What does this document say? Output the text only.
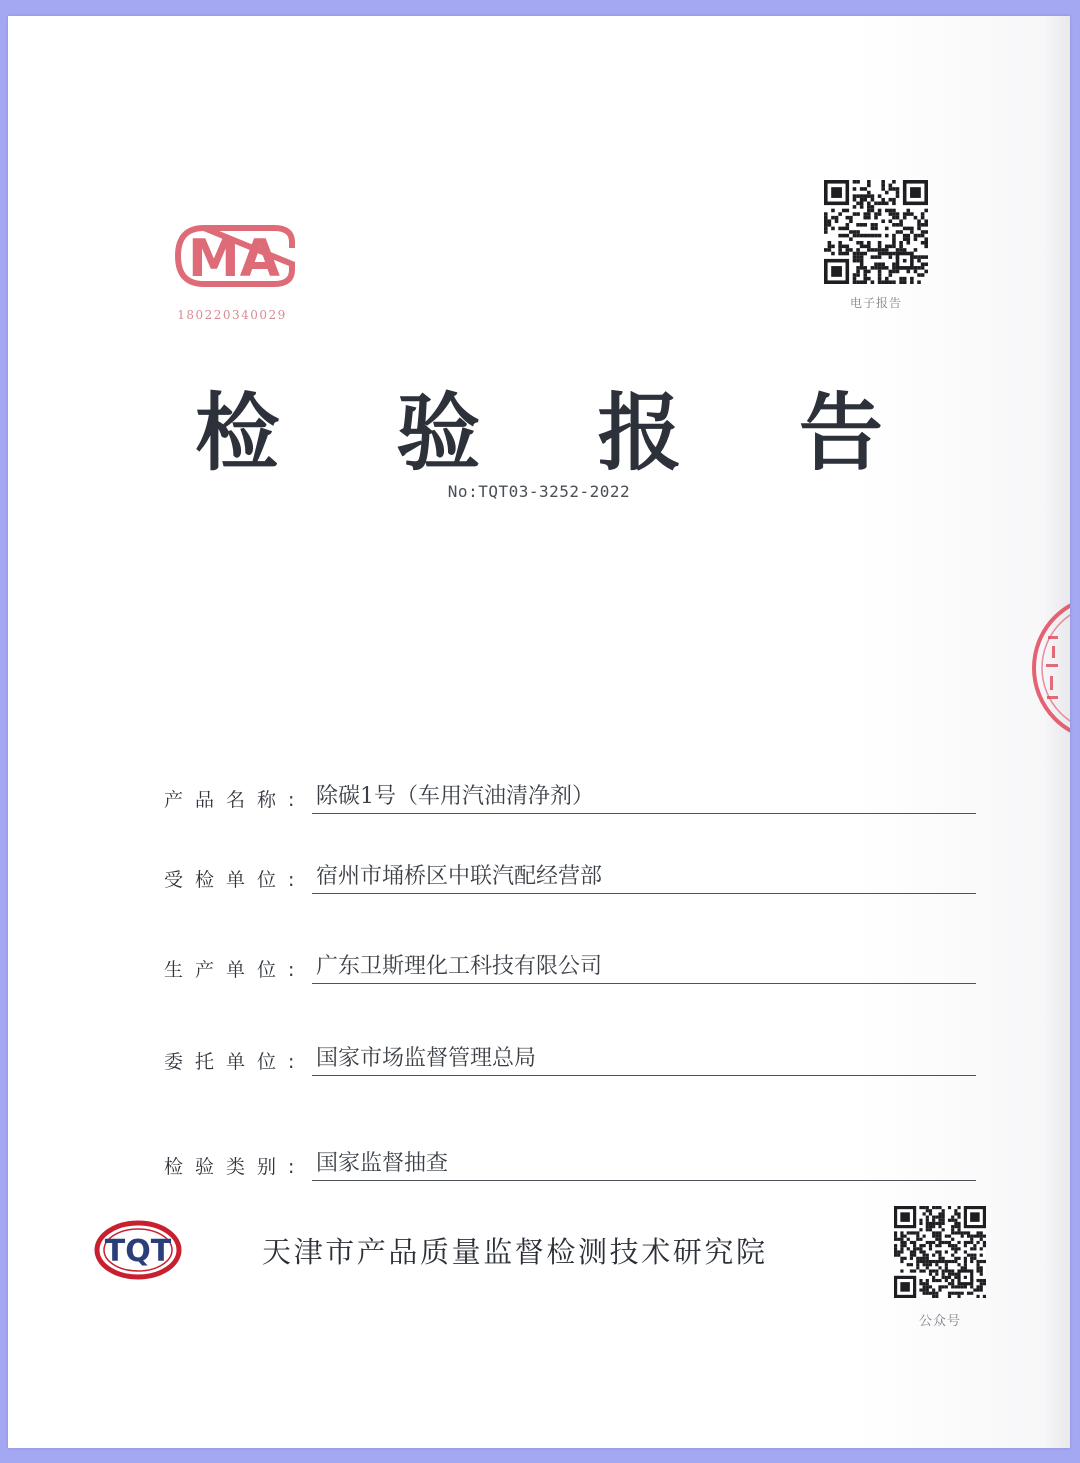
MA
180220340029
电子报告
检 验 报 告
No:TQT03-3252-2022
产品名称: 除碳1号（车用汽油清净剂）
受检单位: 宿州市埇桥区中联汽配经营部
生产单位: 广东卫斯理化工科技有限公司
委托单位: 国家市场监督管理总局
检验类别: 国家监督抽查
TQT	天津市产品质量监督检测技术研究院
公众号
